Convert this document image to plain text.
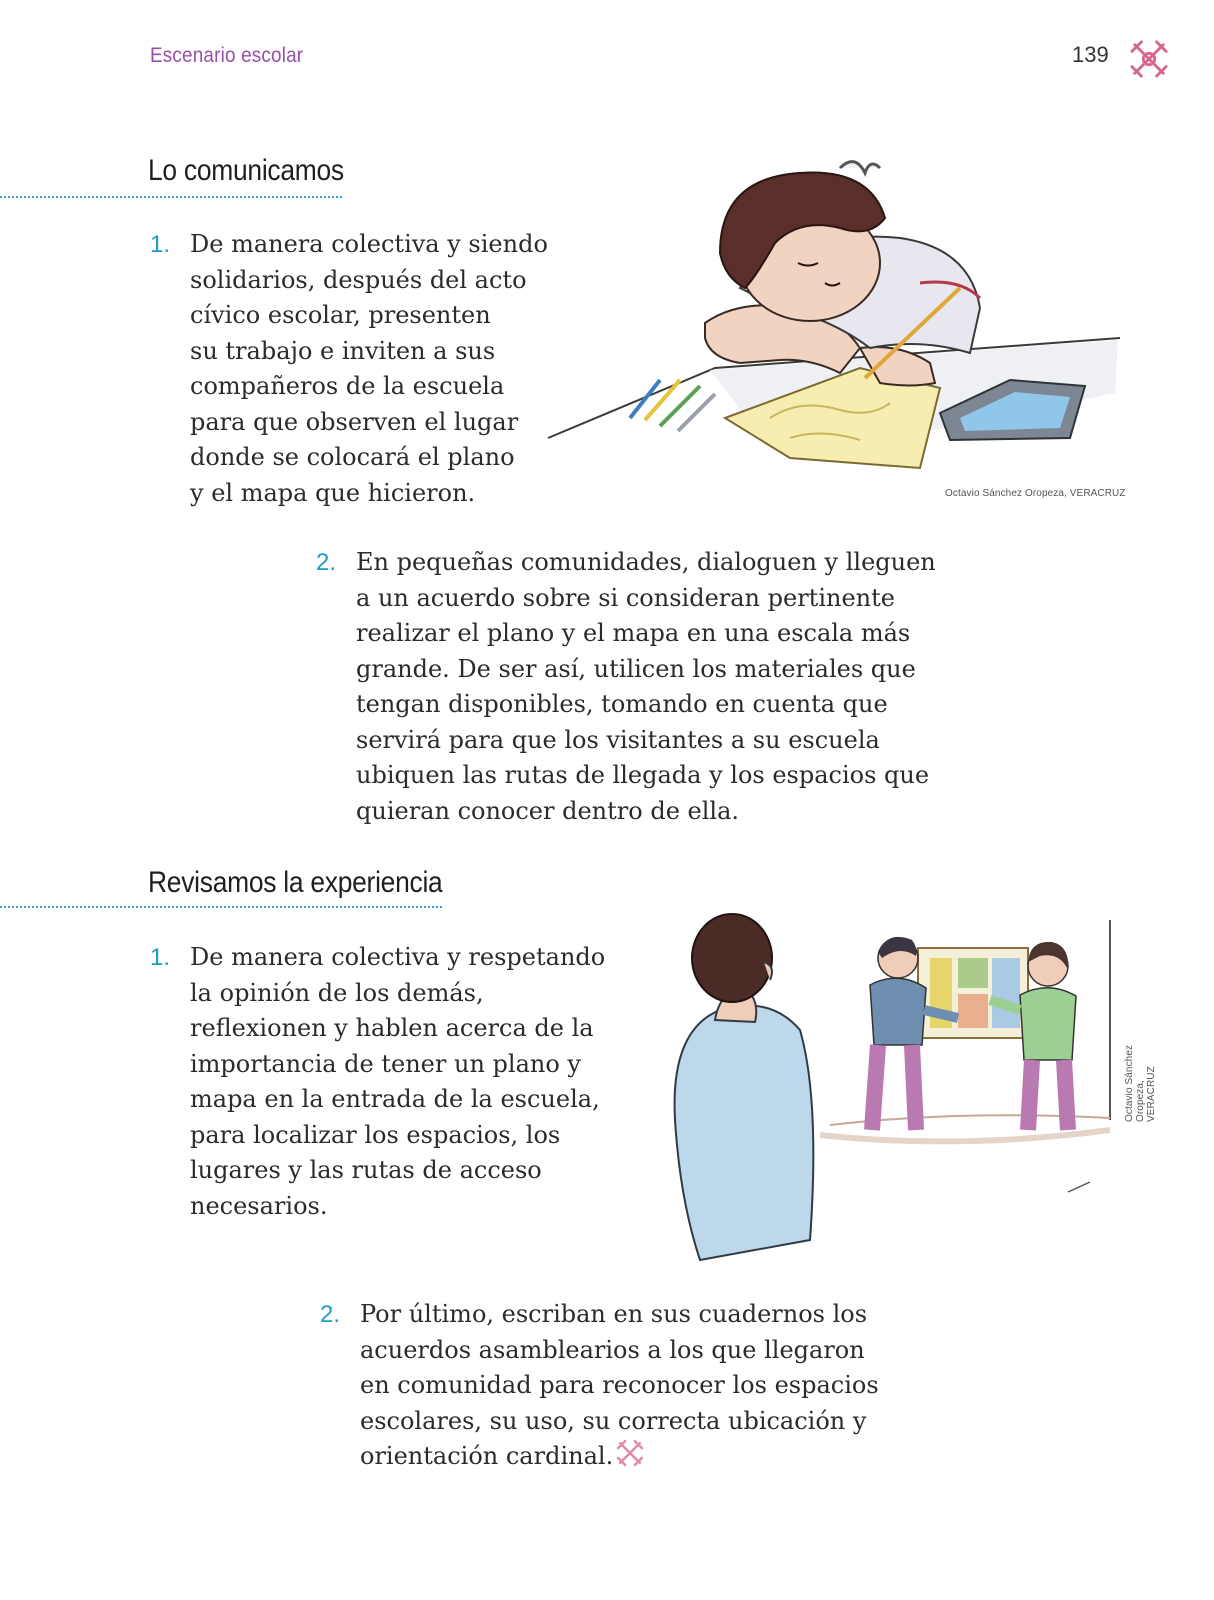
Escenario escolar	139
Lo comunicamos
1. De manera colectiva y siendo
solidarios, después del acto
cívico escolar, presenten
su trabajo e inviten a sus
compañeros de la escuela
para que observen el lugar
donde se colocará el plano
y el mapa que hicieron.	Octavio Sánchez Oropeza, VERACRUZ
2. En pequeñas comunidades, dialoguen y lleguen
a un acuerdo sobre si consideran pertinente
realizar el plano y el mapa en una escala más
grande. De ser así, utilicen los materiales que
tengan disponibles, tomando en cuenta que
servirá para que los visitantes a su escuela
ubiquen las rutas de llegada y los espacios que
quieran conocer dentro de ella.
Revisamos la experiencia
1. De manera colectiva y respetando
la opinión de los demás,
reflexionen y hablen acerca de la
importancia de tener un plano y
mapa en la entrada de la escuela,
para localizar los espacios, los
lugares y las rutas de acceso
necesarios.
Octavio Sánchez Oropeza, VERACRUZ
2. Por último, escriban en sus cuadernos los
acuerdos asamblearios a los que llegaron
en comunidad para reconocer los espacios
escolares, su uso, su correcta ubicación y
orientación cardinal.
